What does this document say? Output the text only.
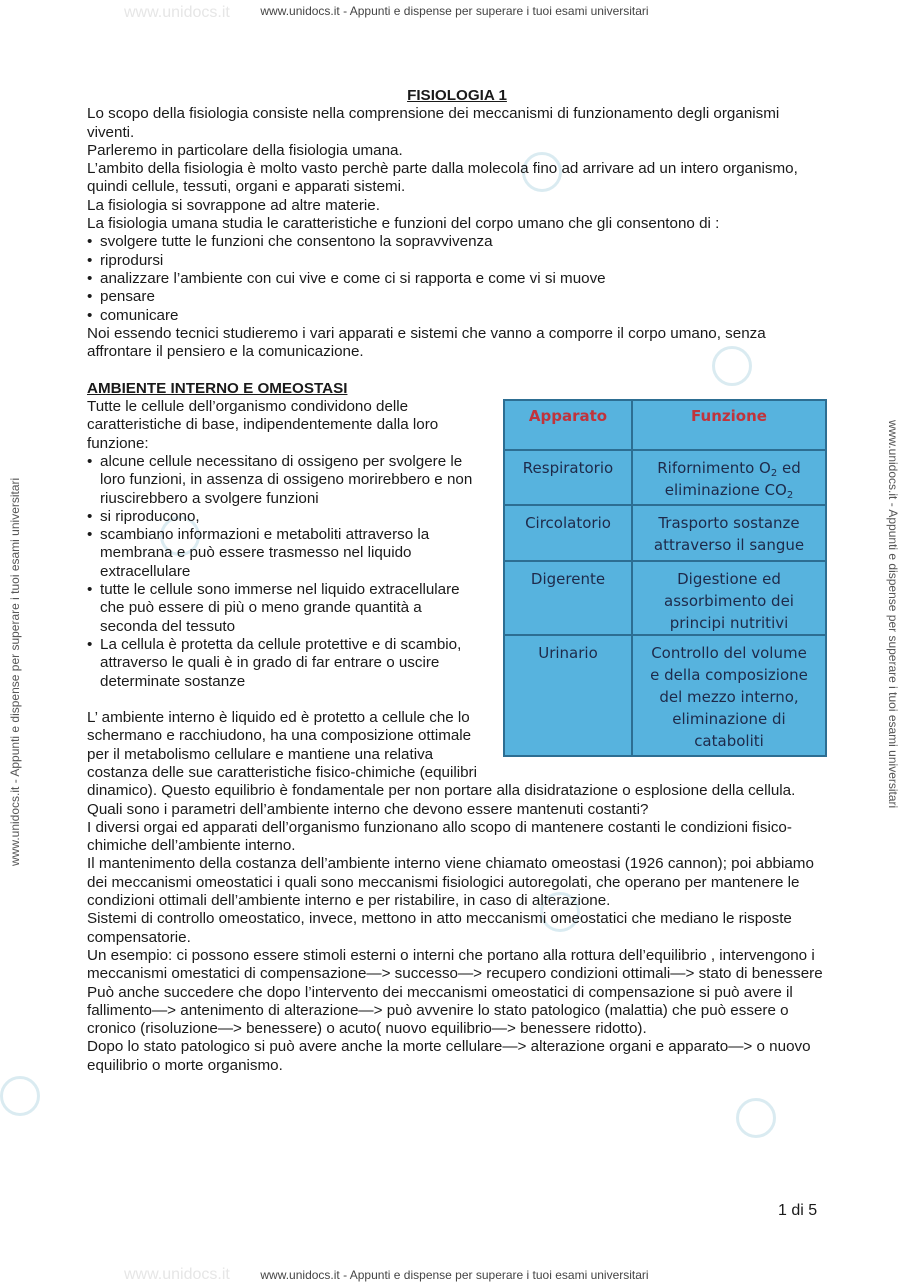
www.unidocs.it - Appunti e dispense per superare i tuoi esami universitari
www.unidocs.it - Appunti e dispense per superare i tuoi esami universitari
www.unidocs.it - Appunti e dispense per superare i tuoi esami universitari	www.unidocs.it - Appunti e dispense per superare i tuoi esami universitari
www.unidocs.it
www.unidocs.it

FISIOLOGIA 1

Lo scopo della fisiologia consiste nella comprensione dei meccanismi di funzionamento degli organismi viventi.

Parleremo in particolare della fisiologia umana.

L’ambito della fisiologia è molto vasto perchè parte dalla molecola fino ad arrivare ad un intero organismo, quindi cellule, tessuti, organi e apparati sistemi.

La fisiologia si sovrappone ad altre materie.

La fisiologia umana studia le caratteristiche e funzioni del corpo umano che gli consentono di :

• svolgere tutte le funzioni che consentono la sopravvivenza
• riprodursi
• analizzare l’ambiente con cui vive e come ci si rapporta e come vi si muove
• pensare
• comunicare

Noi essendo tecnici studieremo i vari apparati e sistemi che vanno a comporre il corpo umano, senza affrontare il pensiero e la comunicazione.

AMBIENTE INTERNO E OMEOSTASI

Apparato	Funzione
Respiratorio	Rifornimento $O_2$ ed
eliminazione $CO_2$
Circolatorio	Trasporto sostanze
attraverso il sangue
Digerente	Digestione ed
assorbimento dei
principi nutritivi
Urinario	Controllo del volume
e della composizione
del mezzo interno,
eliminazione di
cataboliti

Tutte le cellule dell’organismo condividono delle caratteristiche di base, indipendentemente dalla loro funzione:

• alcune cellule necessitano di ossigeno per svolgere le loro funzioni, in assenza di ossigeno morirebbero e non riuscirebbero a svolgere funzioni
• si riproducono,
• scambiano informazioni e metaboliti attraverso la membrana e può essere trasmesso nel liquido extracellulare
• tutte le cellule sono immerse nel liquido extracellulare che può essere di più o meno grande quantità a seconda del tessuto
• La cellula è protetta da cellule protettive e di scambio, attraverso le quali è in grado di far entrare o uscire determinate sostanze

L’ ambiente interno è liquido ed è protetto a cellule che lo schermano e racchiudono, ha una composizione ottimale per il metabolismo cellulare e mantiene una relativa costanza delle sue caratteristiche fisico-chimiche (equilibri dinamico). Questo equilibrio è fondamentale per non portare alla disidratazione o esplosione della cellula.

Quali sono i parametri dell’ambiente interno che devono essere mantenuti costanti?

I diversi orgai ed apparati dell’organismo funzionano allo scopo di mantenere costanti le condizioni fisico- chimiche dell’ambiente interno.

Il mantenimento della costanza dell’ambiente interno viene chiamato omeostasi (1926 cannon); poi abbiamo dei meccanismi omeostatici i quali sono meccanismi fisiologici autoregolati, che operano per mantenere le condizioni ottimali dell’ambiente interno e per ristabilire, in caso di alterazione.

Sistemi di controllo omeostatico, invece, mettono in atto meccanismi omeostatici che mediano le risposte compensatorie.

Un esempio: ci possono essere stimoli esterni o interni che portano alla rottura dell’equilibrio , intervengono i meccanismi omestatici di compensazione—> successo—> recupero condizioni ottimali—> stato di benessere

Può anche succedere che dopo l’intervento dei meccanismi omeostatici di compensazione si può avere il fallimento—> antenimento di alterazione—> può avvenire lo stato patologico (malattia) che può essere o cronico (risoluzione—> benessere) o acuto( nuovo equilibrio—> benessere ridotto).

Dopo lo stato patologico si può avere anche la morte cellulare—> alterazione organi e apparato—> o nuovo equilibrio o morte organismo.

1 di 5
